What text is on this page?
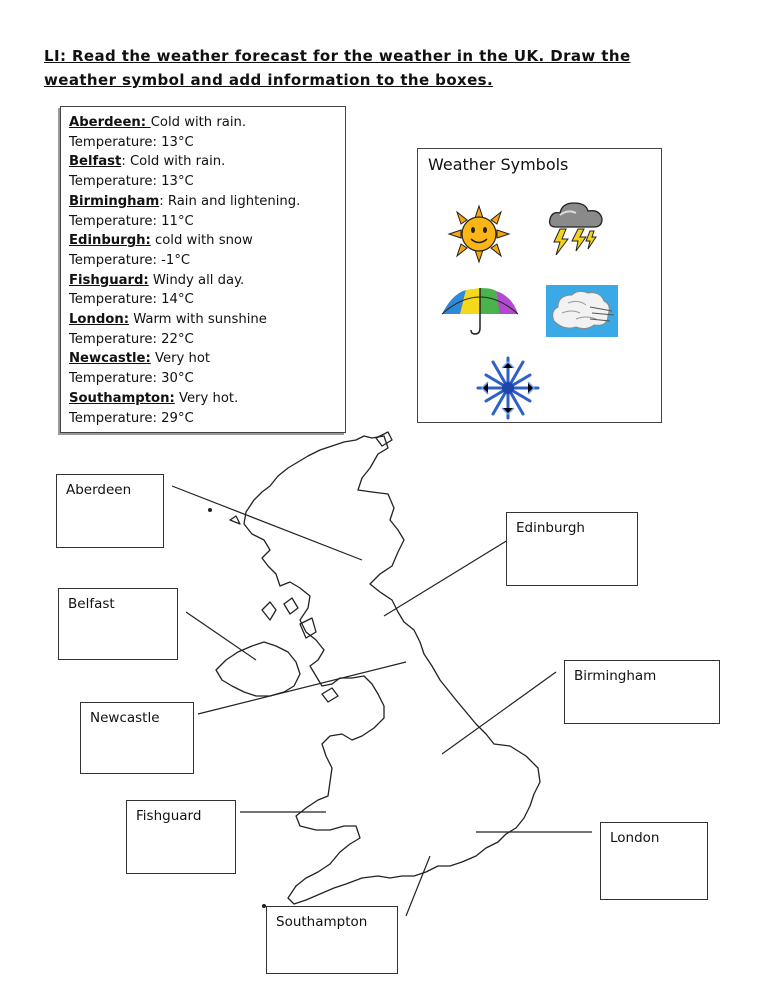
LI: Read the weather forecast for the weather in the UK. Draw the
weather symbol and add information to the boxes.
Aberdeen: Cold with rain.
Temperature: 13°C
Belfast: Cold with rain.
Temperature: 13°C
Birmingham: Rain and lightening.
Temperature: 11°C
Edinburgh: cold with snow
Temperature: -1°C
Fishguard: Windy all day.
Temperature: 14°C
London: Warm with sunshine
Temperature: 22°C
Newcastle: Very hot
Temperature: 30°C
Southampton: Very hot.
Temperature: 29°C
Weather Symbols
Aberdeen
Edinburgh
Belfast
Birmingham
Newcastle
Fishguard
London
Southampton
